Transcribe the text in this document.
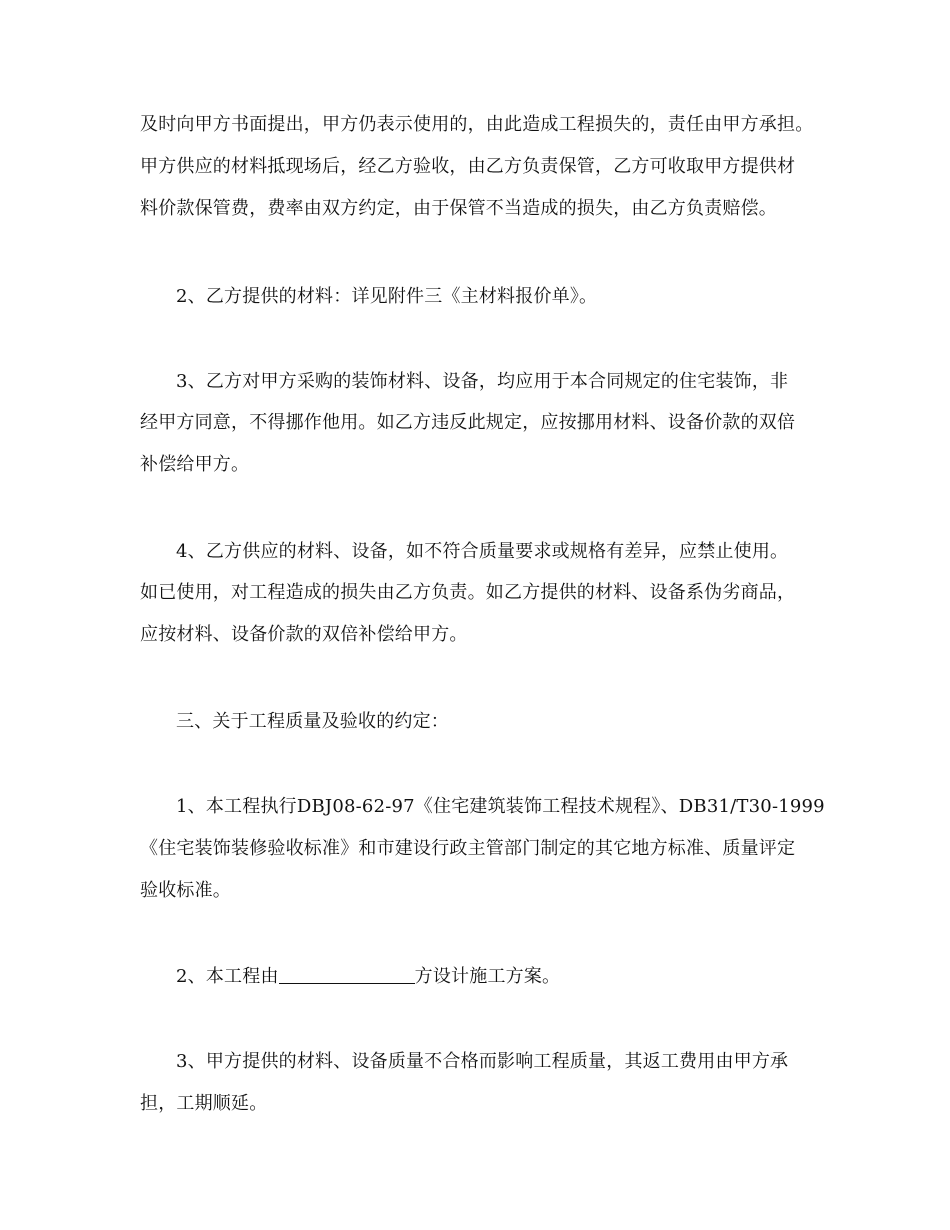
及时向甲方书面提出，甲方仍表示使用的，由此造成工程损失的，责任由甲方承担。
甲方供应的材料抵现场后，经乙方验收，由乙方负责保管，乙方可收取甲方提供材
料价款保管费，费率由双方约定，由于保管不当造成的损失，由乙方负责赔偿。
2、乙方提供的材料：详见附件三《主材料报价单》。
3、乙方对甲方采购的装饰材料、设备，均应用于本合同规定的住宅装饰，非
经甲方同意，不得挪作他用。如乙方违反此规定，应按挪用材料、设备价款的双倍
补偿给甲方。
4、乙方供应的材料、设备，如不符合质量要求或规格有差异，应禁止使用。
如已使用，对工程造成的损失由乙方负责。如乙方提供的材料、设备系伪劣商品，
应按材料、设备价款的双倍补偿给甲方。
三、关于工程质量及验收的约定：
1、本工程执行DBJ08-62-97《住宅建筑装饰工程技术规程》、DB31/T30-1999
《住宅装饰装修验收标准》和市建设行政主管部门制定的其它地方标准、质量评定
验收标准。
2、本工程由	方设计施工方案。
3、甲方提供的材料、设备质量不合格而影响工程质量，其返工费用由甲方承
担，工期顺延。
